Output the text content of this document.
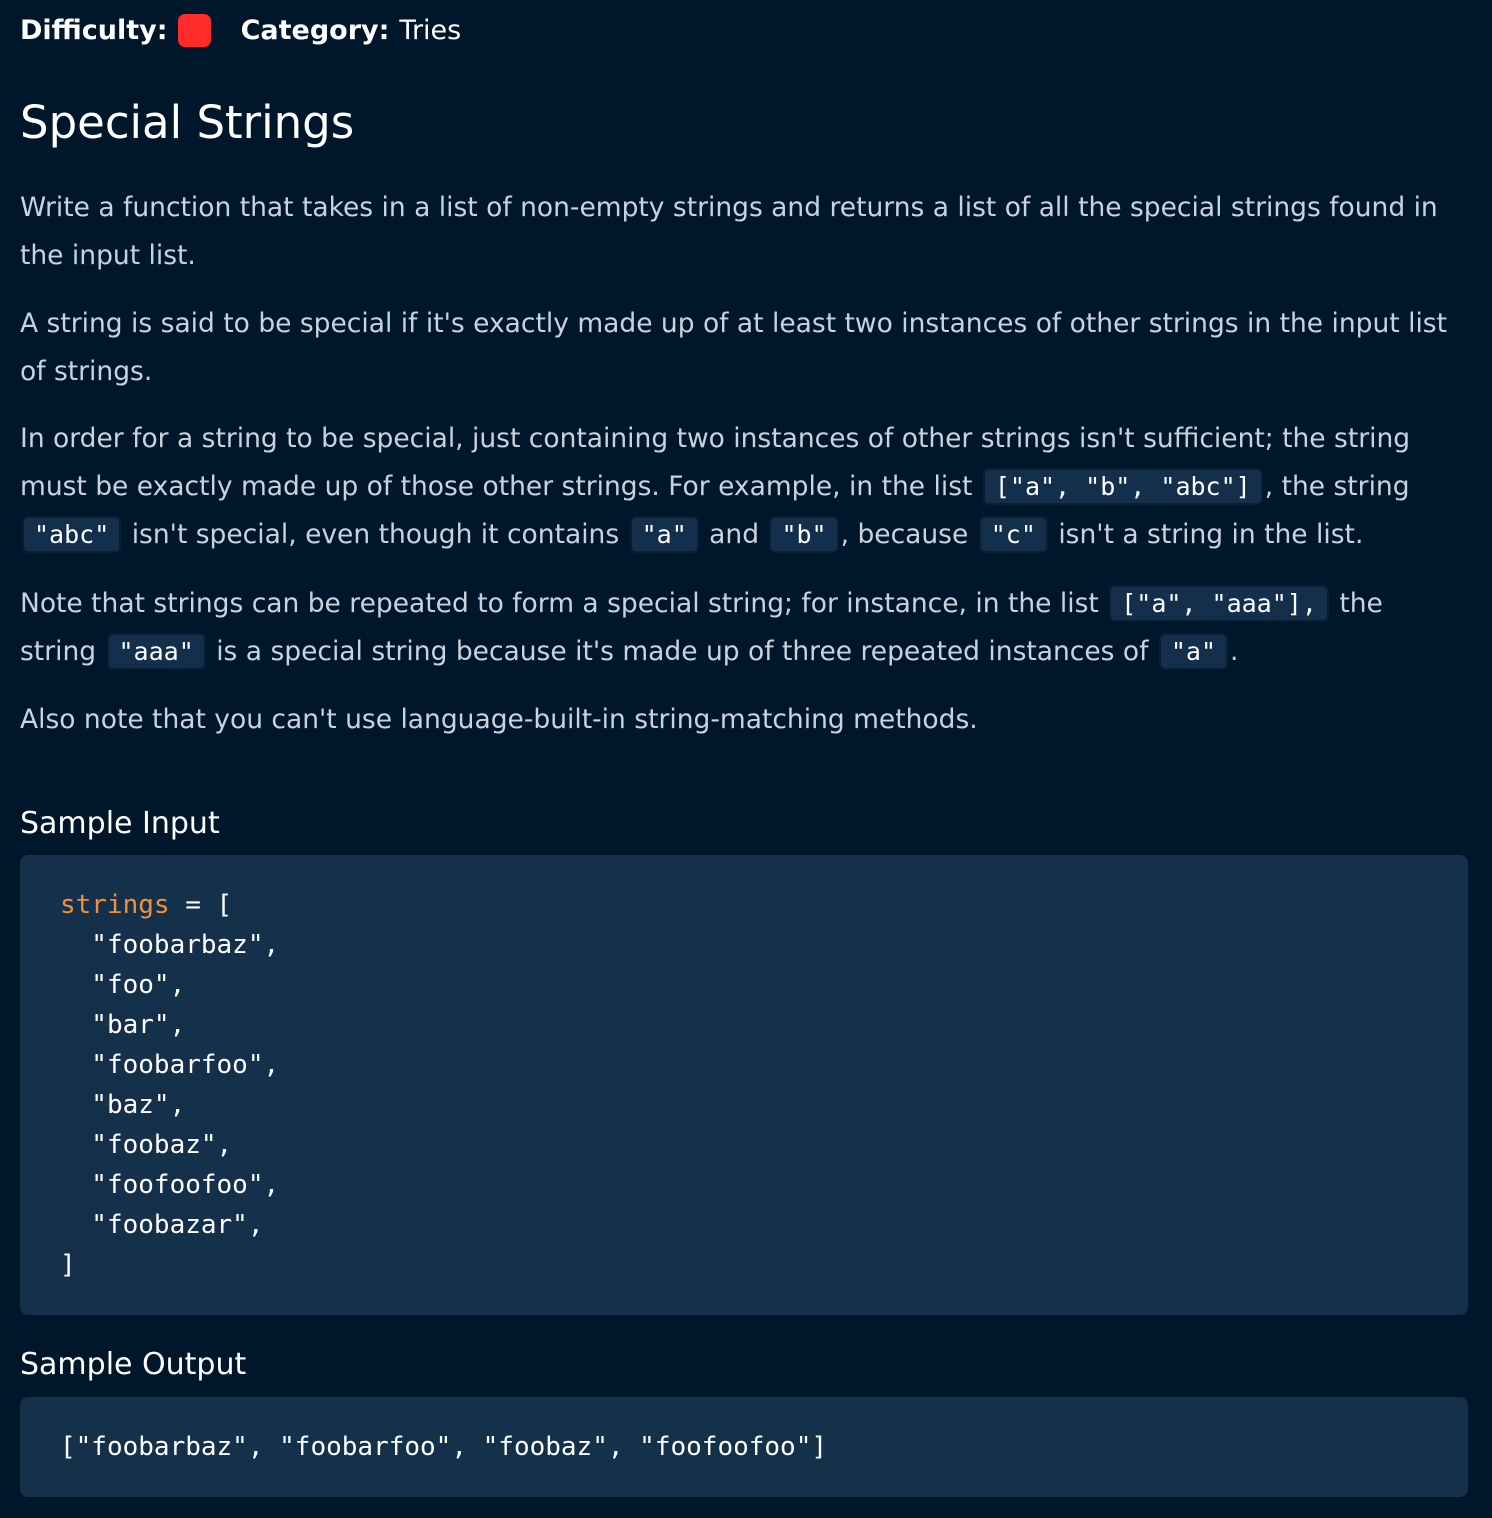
Difficulty:	Category: Tries
Special Strings

Write a function that takes in a list of non-empty strings and returns a list of all the special strings found in the input list.

A string is said to be special if it's exactly made up of at least two instances of other strings in the input list of strings.

In order for a string to be special, just containing two instances of other strings isn't sufficient; the string must be exactly made up of those other strings. For example, in the list ["a", "b", "abc"] , the string "abc" isn't special, even though it contains "a" and "b" , because "c" isn't a string in the list.

Note that strings can be repeated to form a special string; for instance, in the list ["a", "aaa"], the string "aaa" is a special string because it's made up of three repeated instances of "a" .

Also note that you can't use language-built-in string-matching methods.

Sample Input
strings = [
"foobarbaz",
"foo",
"bar",
"foobarfoo",
"baz",
"foobaz",
"foofoofoo",
"foobazar",
]
Sample Output
["foobarbaz", "foobarfoo", "foobaz", "foofoofoo"]
